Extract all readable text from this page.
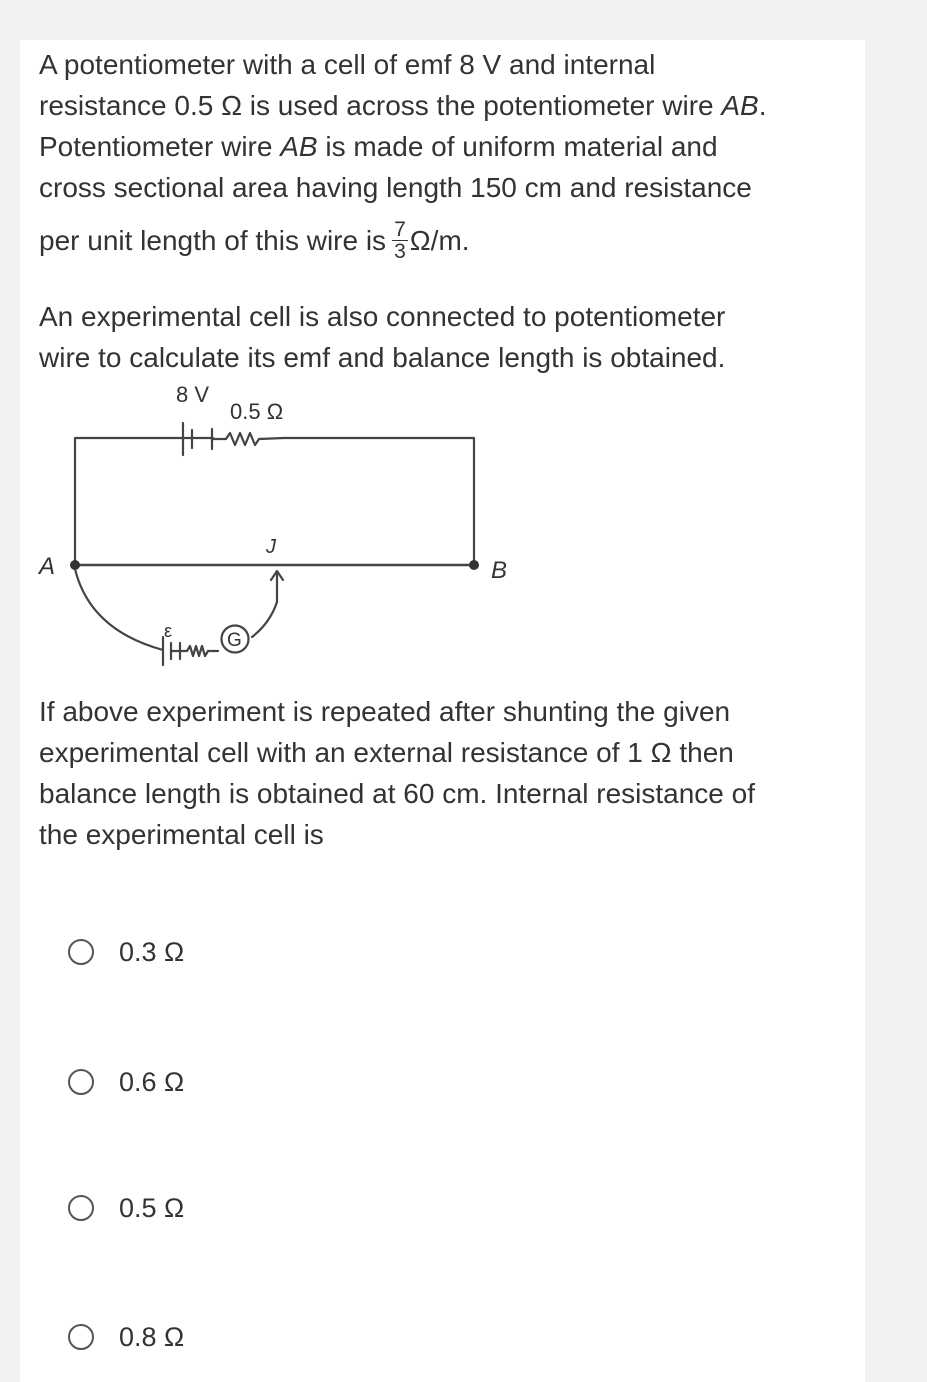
A potentiometer with a cell of emf 8 V and internal
resistance 0.5 Ω is used across the potentiometer wire AB.
Potentiometer wire AB is made of uniform material and
cross sectional area having length 150 cm and resistance

per unit length of this wire is $\frac{7}{3} \Omega/m$.

An experimental cell is also connected to potentiometer
wire to calculate its emf and balance length is obtained.

8 V
0.5 Ω
A	B
J
ε	G

If above experiment is repeated after shunting the given
experimental cell with an external resistance of 1 Ω then
balance length is obtained at 60 cm. Internal resistance of
the experimental cell is

0.3 Ω
0.6 Ω
0.5 Ω
0.8 Ω
